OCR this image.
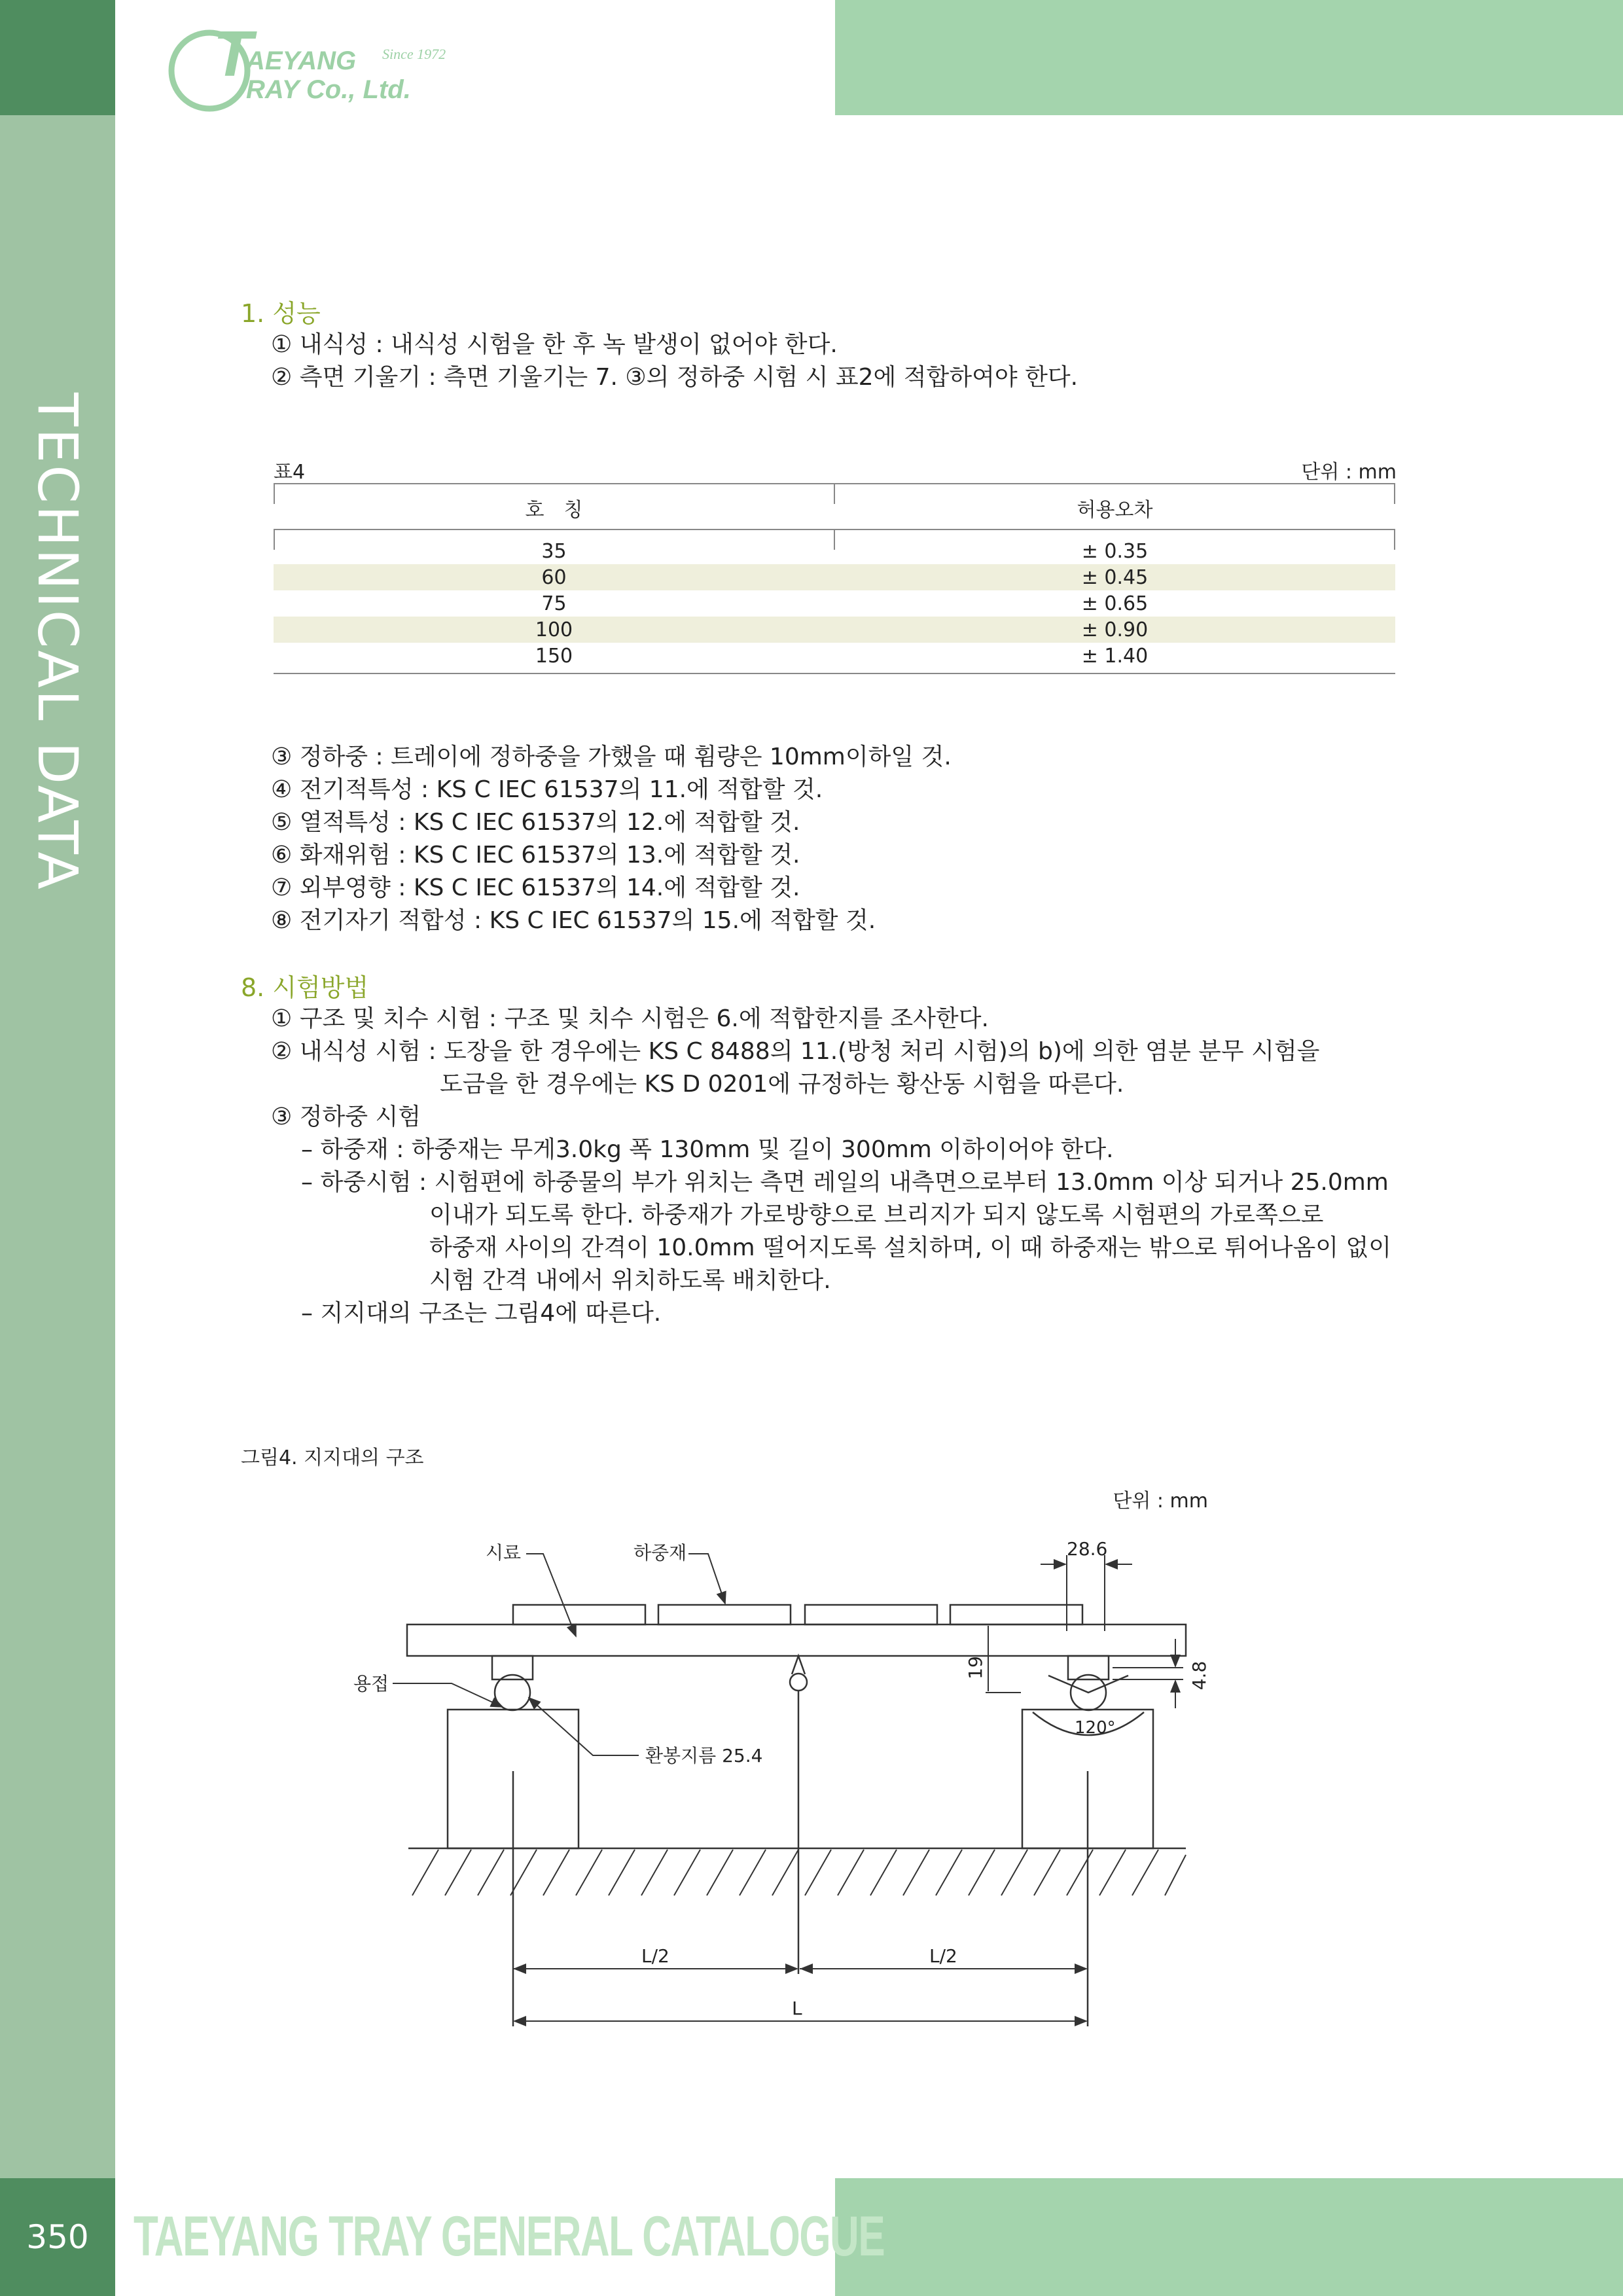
TECHNICAL DATA
350 TAEYANG TRAY GENERAL CATALOGUE
T
AEYANG
RAY Co., Ltd.
Since 1972
1. 성능
① 내식성 : 내식성 시험을 한 후 녹 발생이 없어야 한다.
② 측면 기울기 : 측면 기울기는 7. ③의 정하중 시험 시 표2에 적합하여야 한다.
표4	단위 : mm
호　칭	허용오차
35	± 0.35
60	± 0.45
75	± 0.65
100	± 0.90
150	± 1.40
③ 정하중 : 트레이에 정하중을 가했을 때 휨량은 10mm이하일 것.
④ 전기적특성 : KS C IEC 61537의 11.에 적합할 것.
⑤ 열적특성 : KS C IEC 61537의 12.에 적합할 것.
⑥ 화재위험 : KS C IEC 61537의 13.에 적합할 것.
⑦ 외부영향 : KS C IEC 61537의 14.에 적합할 것.
⑧ 전기자기 적합성 : KS C IEC 61537의 15.에 적합할 것.
8. 시험방법
① 구조 및 치수 시험 : 구조 및 치수 시험은 6.에 적합한지를 조사한다.
② 내식성 시험 : 도장을 한 경우에는 KS C 8488의 11.(방청 처리 시험)의 b)에 의한 염분 분무 시험을
도금을 한 경우에는 KS D 0201에 규정하는 황산동 시험을 따른다.
③ 정하중 시험
– 하중재 : 하중재는 무게3.0kg 폭 130mm 및 길이 300mm 이하이어야 한다.
– 하중시험 : 시험편에 하중물의 부가 위치는 측면 레일의 내측면으로부터 13.0mm 이상 되거나 25.0mm
이내가 되도록 한다. 하중재가 가로방향으로 브리지가 되지 않도록 시험편의 가로쪽으로
하중재 사이의 간격이 10.0mm 떨어지도록 설치하며, 이 때 하중재는 밖으로 튀어나옴이 없이
시험 간격 내에서 위치하도록 배치한다.
– 지지대의 구조는 그림4에 따른다.
그림4. 지지대의 구조
단위 : mm
시료	하중재
용접
환봉지름 25.4
28.6
120°
L/2	L/2
L
19	4.8
